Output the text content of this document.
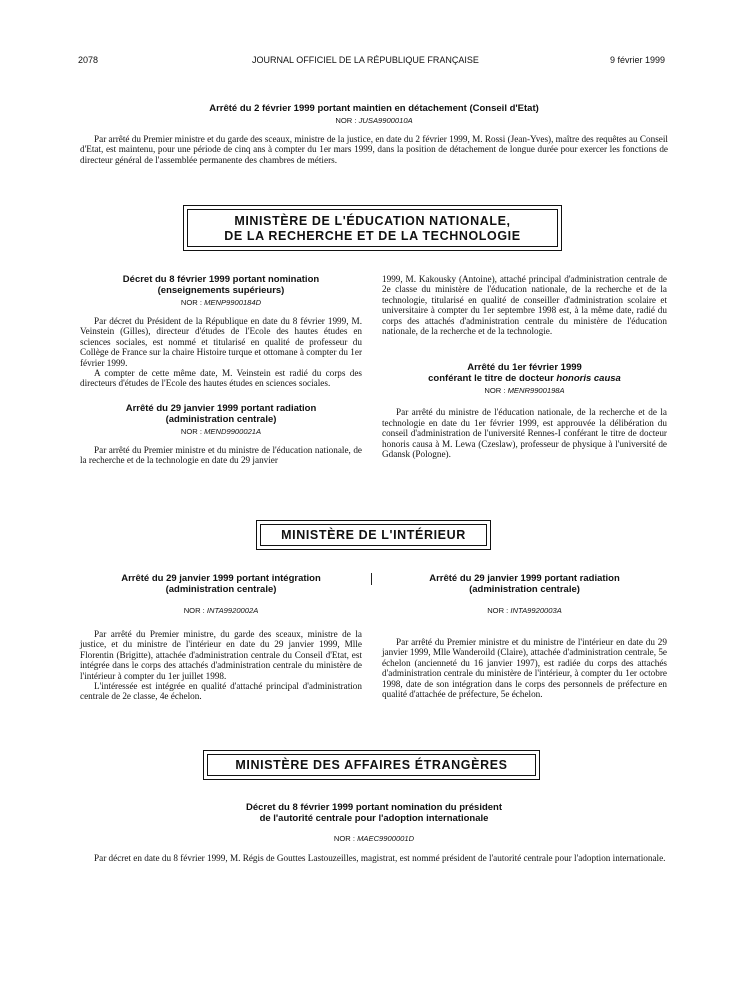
2078	JOURNAL OFFICIEL DE LA RÉPUBLIQUE FRANÇAISE	9 février 1999
Arrêté du 2 février 1999 portant maintien en détachement (Conseil d'Etat)
NOR : JUSA9900010A

Par arrêté du Premier ministre et du garde des sceaux, ministre de la justice, en date du 2 février 1999, M. Rossi (Jean-Yves), maître des requêtes au Conseil d'Etat, est maintenu, pour une période de cinq ans à compter du 1er mars 1999, dans la position de détachement de longue durée pour exercer les fonctions de directeur général de l'assemblée permanente des chambres de métiers.

MINISTÈRE DE L'ÉDUCATION NATIONALE,
DE LA RECHERCHE ET DE LA TECHNOLOGIE
Décret du 8 février 1999 portant nomination
(enseignements supérieurs)
NOR : MENP9900184D

Par décret du Président de la République en date du 8 février 1999, M. Veinstein (Gilles), directeur d'études de l'Ecole des hautes études en sciences sociales, est nommé et titularisé en qualité de professeur du Collège de France sur la chaire Histoire turque et ottomane à compter du 1er février 1999.

A compter de cette même date, M. Veinstein est radié du corps des directeurs d'études de l'Ecole des hautes études en sciences sociales.

Arrêté du 29 janvier 1999 portant radiation
(administration centrale)
NOR : MEND9900021A

Par arrêté du Premier ministre et du ministre de l'éducation nationale, de la recherche et de la technologie en date du 29 janvier

1999, M. Kakousky (Antoine), attaché principal d'administration centrale de 2e classe du ministère de l'éducation nationale, de la recherche et de la technologie, titularisé en qualité de conseiller d'administration scolaire et universitaire à compter du 1er septembre 1998 est, à la même date, radié du corps des attachés d'administration centrale du ministère de l'éducation nationale, de la recherche et de la technologie.

Arrêté du 1er février 1999
conférant le titre de docteur honoris causa
NOR : MENR9900198A

Par arrêté du ministre de l'éducation nationale, de la recherche et de la technologie en date du 1er février 1999, est approuvée la délibération du conseil d'administration de l'université Rennes-I conférant le titre de docteur honoris causa à M. Lewa (Czeslaw), professeur de physique à l'université de Gdansk (Pologne).

MINISTÈRE DE L'INTÉRIEUR
Arrêté du 29 janvier 1999 portant intégration
(administration centrale)
NOR : INTA9920002A

Par arrêté du Premier ministre, du garde des sceaux, ministre de la justice, et du ministre de l'intérieur en date du 29 janvier 1999, Mlle Florentin (Brigitte), attachée d'administration centrale du Conseil d'Etat, est intégrée dans le corps des attachés d'administration centrale du ministère de l'intérieur à compter du 1er juillet 1998.

L'intéressée est intégrée en qualité d'attaché principal d'administration centrale de 2e classe, 4e échelon.

Arrêté du 29 janvier 1999 portant radiation
(administration centrale)
NOR : INTA9920003A

Par arrêté du Premier ministre et du ministre de l'intérieur en date du 29 janvier 1999, Mlle Wanderoild (Claire), attachée d'administration centrale, 5e échelon (ancienneté du 16 janvier 1997), est radiée du corps des attachés d'administration centrale du ministère de l'intérieur, à compter du 1er octobre 1998, date de son intégration dans le corps des personnels de préfecture en qualité d'attachée de préfecture, 5e échelon.

MINISTÈRE DES AFFAIRES ÉTRANGÈRES
Décret du 8 février 1999 portant nomination du président
de l'autorité centrale pour l'adoption internationale
NOR : MAEC9900001D

Par décret en date du 8 février 1999, M. Régis de Gouttes Lastouzeilles, magistrat, est nommé président de l'autorité centrale pour l'adoption internationale.
